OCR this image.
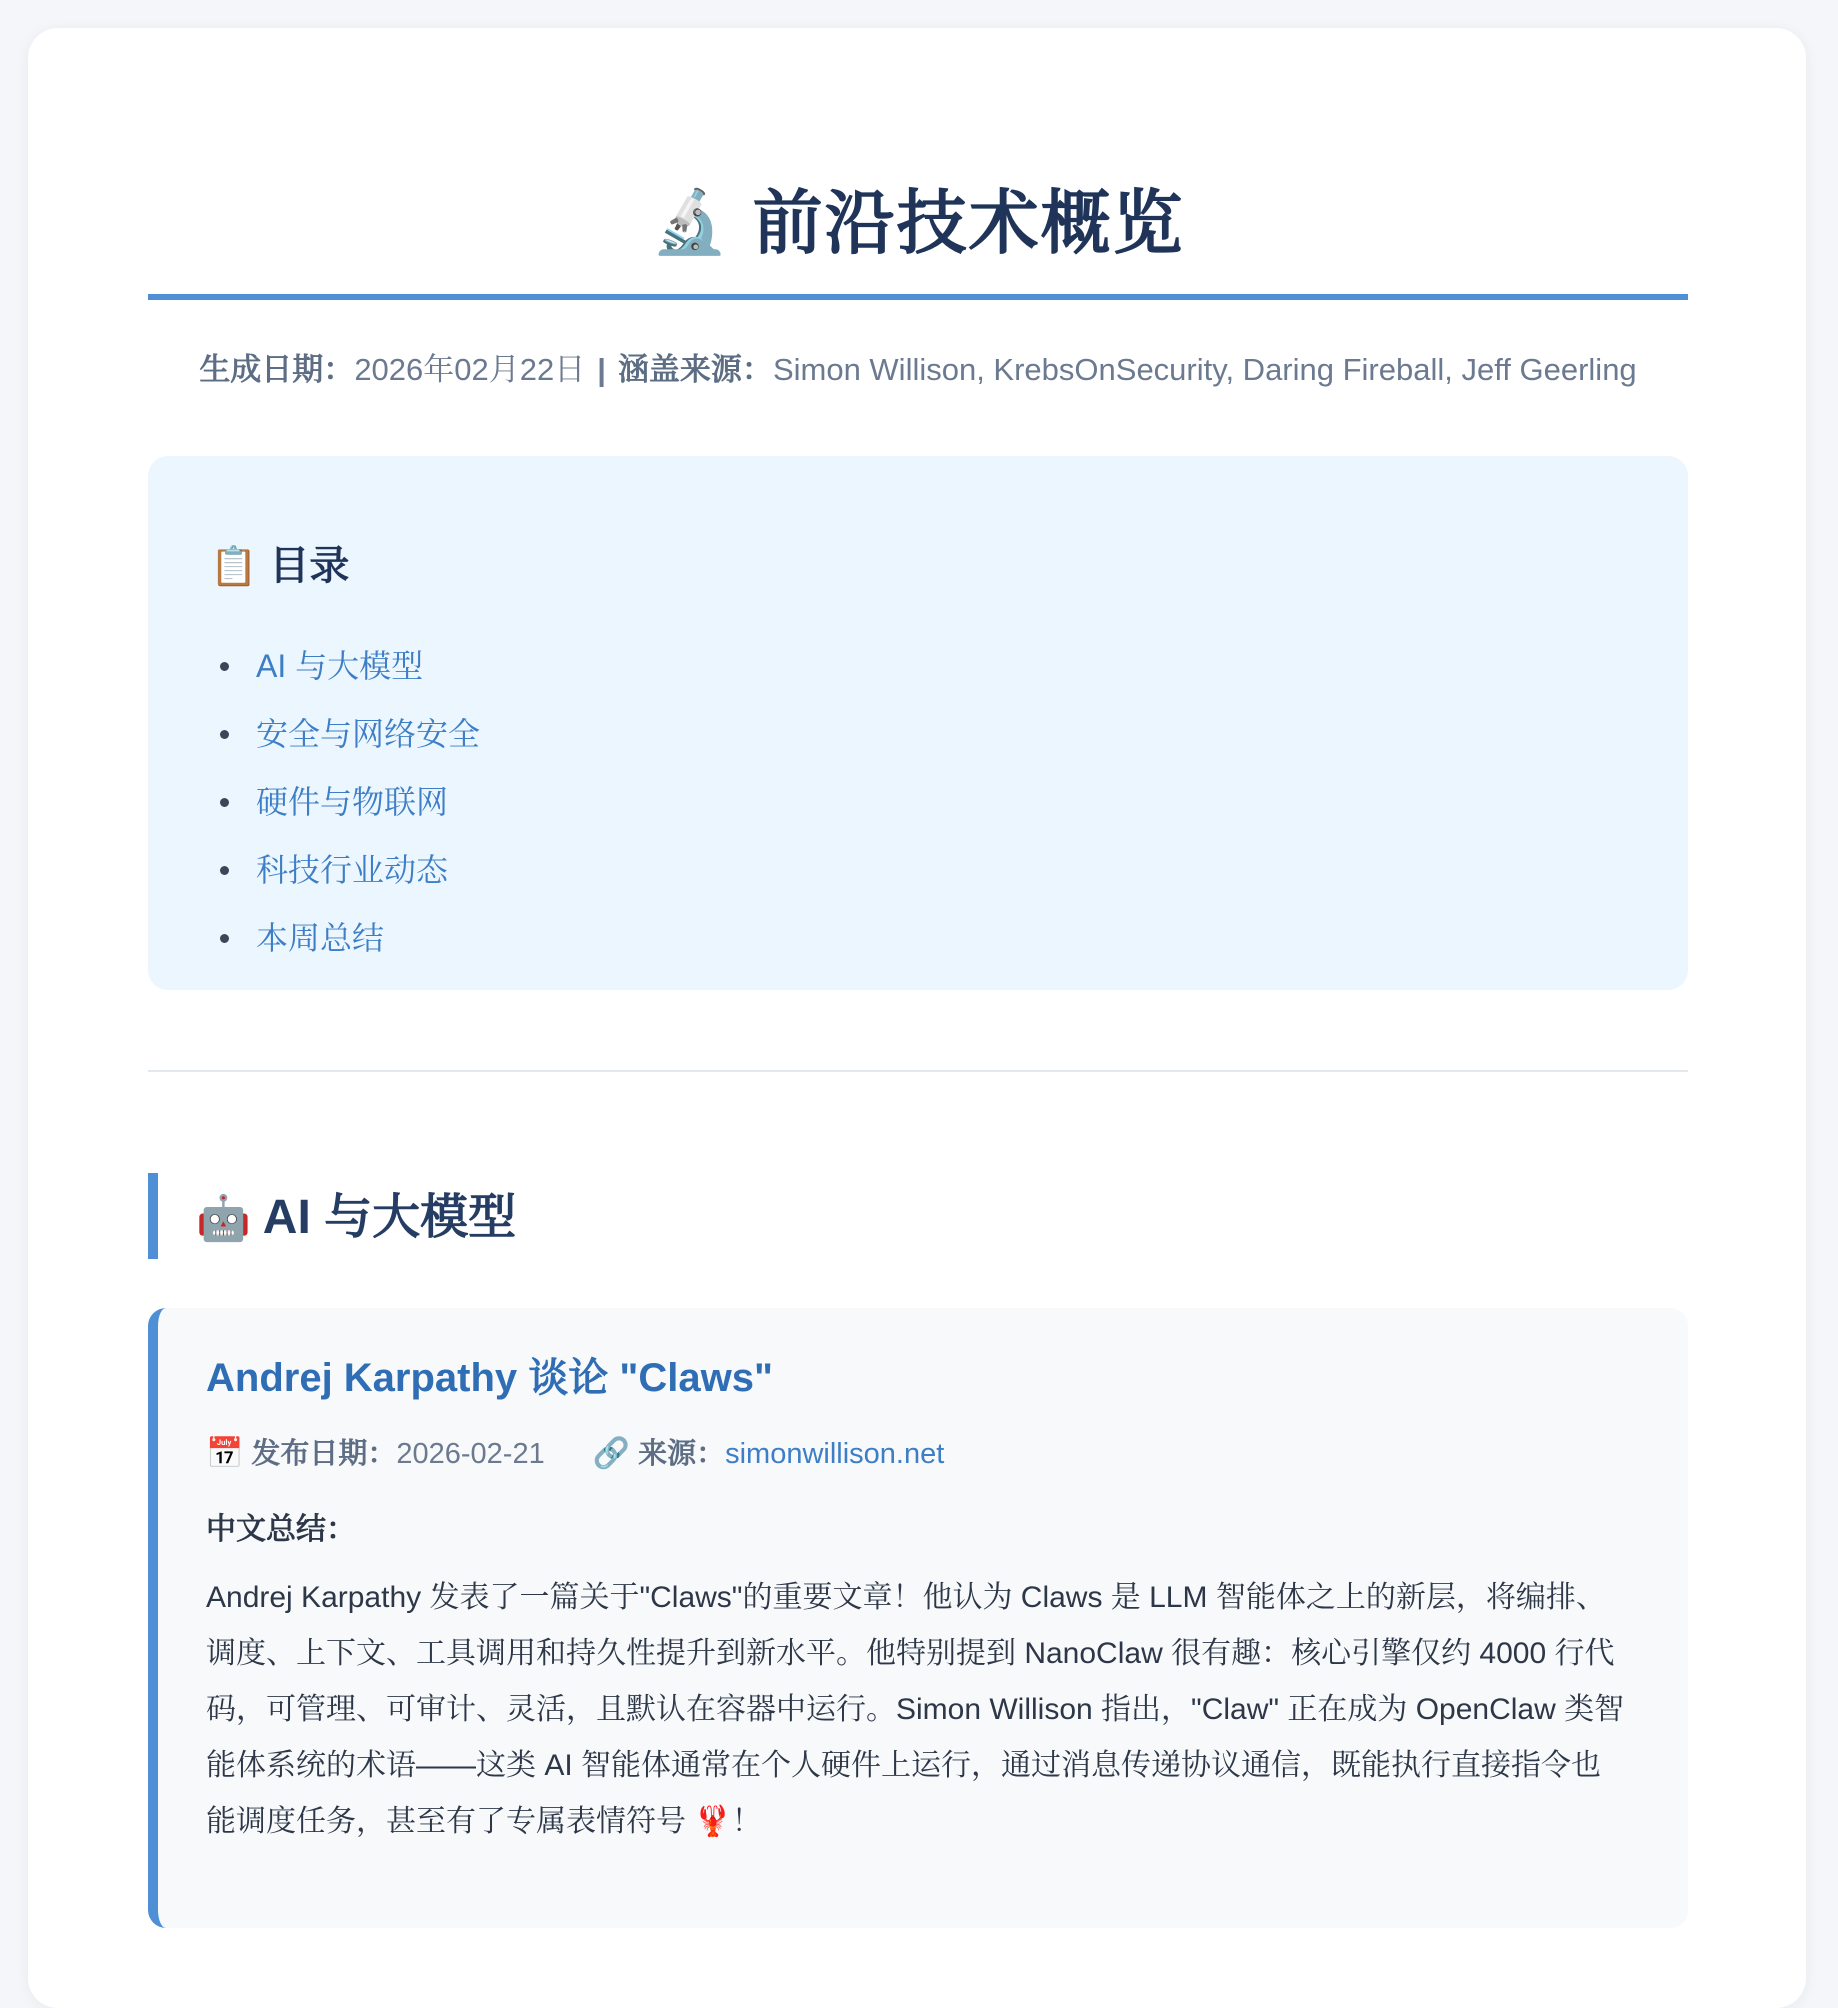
🔬 前沿技术概览
生成日期：2026年02月22日 | 涵盖来源：Simon Willison, KrebsOnSecurity, Daring Fireball, Jeff Geerling
📋 目录
AI 与大模型
安全与网络安全
硬件与物联网
科技行业动态
本周总结
🤖 AI 与大模型
Andrej Karpathy 谈论 "Claws"
📅 发布日期：2026-02-21 🔗 来源：simonwillison.net
中文总结：
Andrej Karpathy 发表了一篇关于"Claws"的重要文章！他认为 Claws 是 LLM 智能体之上的新层，将编排、调度、上下文、工具调用和持久性提升到新水平。他特别提到 NanoClaw 很有趣：核心引擎仅约 4000 行代码，可管理、可审计、灵活，且默认在容器中运行。Simon Willison 指出，"Claw" 正在成为 OpenClaw 类智能体系统的术语——这类 AI 智能体通常在个人硬件上运行，通过消息传递协议通信，既能执行直接指令也能调度任务，甚至有了专属表情符号 🦞！
